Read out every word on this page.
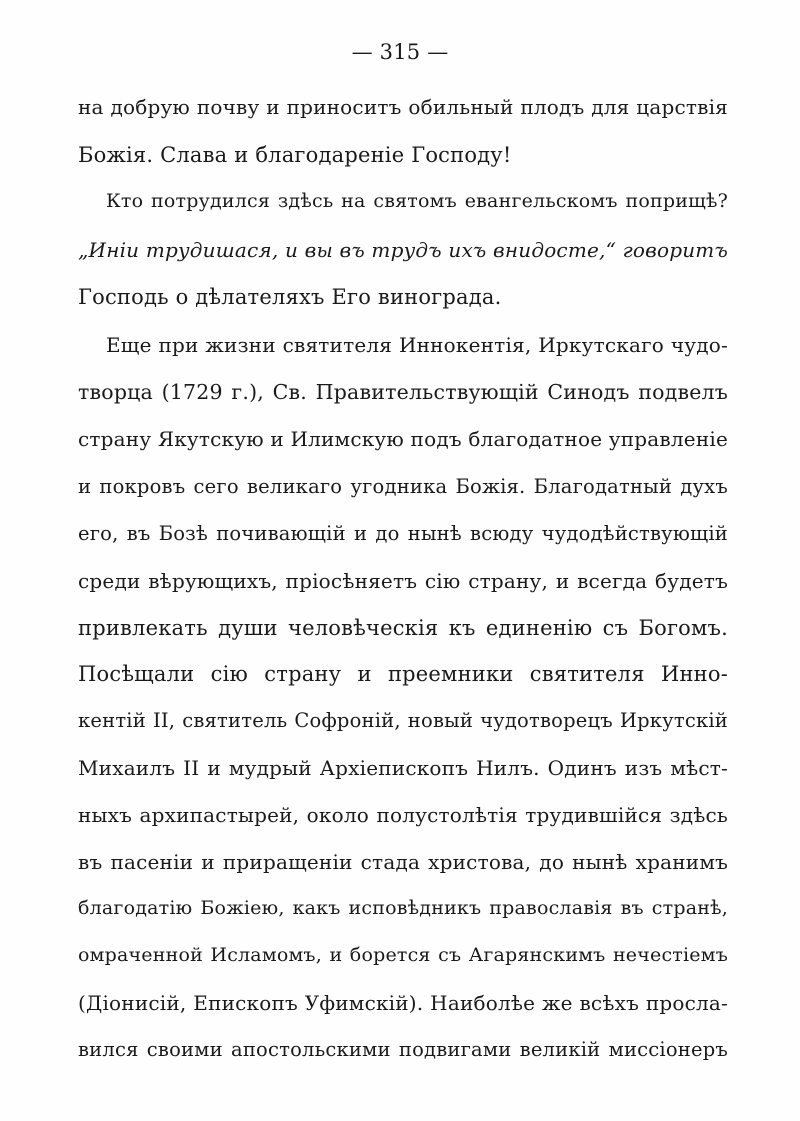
— 315 —
на добрую почву и приноситъ обильный плодъ для царствія
Божія. Слава и благодареніе Господу!
Кто потрудился здѣсь на святомъ евангельскомъ поприщѣ?
„Иніи трудишася, и вы въ трудъ ихъ внидосте,“ говоритъ
Господь о дѣлателяхъ Его винограда.
Еще при жизни святителя Иннокентія, Иркутскаго чудо-
творца (1729 г.), Св. Правительствующій Синодъ подвелъ
страну Якутскую и Илимскую подъ благодатное управленіе
и покровъ сего великаго угодника Божія. Благодатный духъ
его, въ Бозѣ почивающій и до нынѣ всюду чудодѣйствующій
среди вѣрующихъ, пріосѣняетъ сію страну, и всегда будетъ
привлекать души человѣческія къ единенію съ Богомъ.
Посѣщали сію страну и преемники святителя Инно-
кентій II, святитель Софроній, новый чудотворецъ Иркутскій
Михаилъ II и мудрый Архіепископъ Нилъ. Одинъ изъ мѣст-
ныхъ архипастырей, около полустолѣтія трудившійся здѣсь
въ пасеніи и приращеніи стада христова, до нынѣ хранимъ
благодатію Божіею, какъ исповѣдникъ православія въ странѣ,
омраченной Исламомъ, и борется съ Агарянскимъ нечестіемъ
(Діонисій, Епископъ Уфимскій). Наиболѣе же всѣхъ просла-
вился своими апостольскими подвигами великій миссіонеръ
